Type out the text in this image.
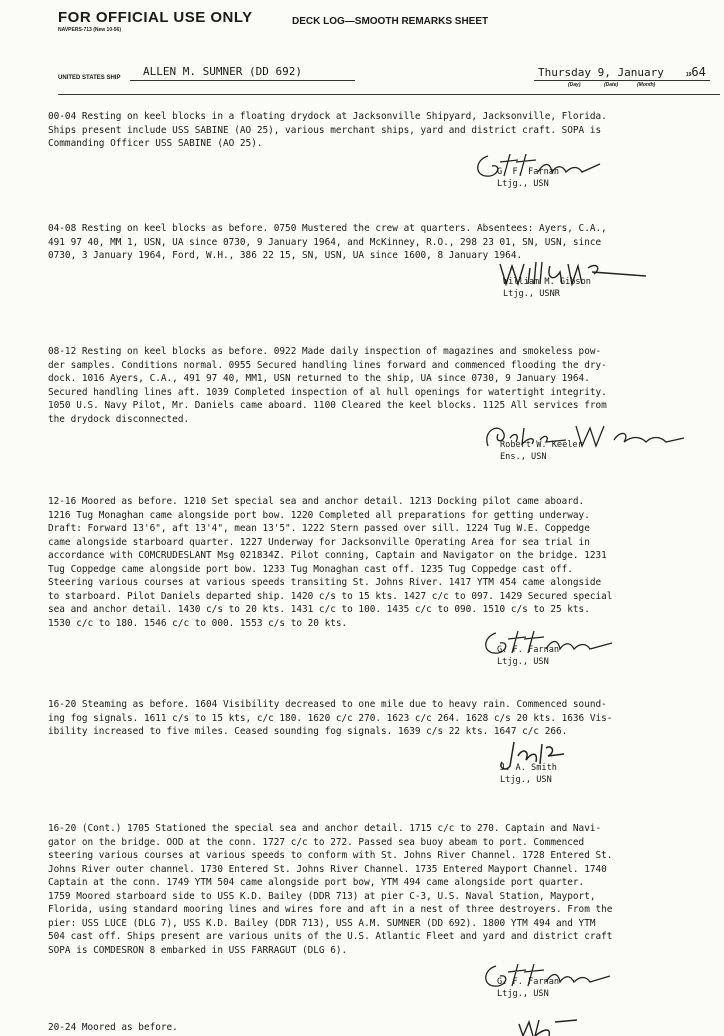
FOR OFFICIAL USE ONLY
NAVPERS-713 (New 10-56)
DECK LOG—SMOOTH REMARKS SHEET
UNITED STATES SHIP ALLEN M. SUMNER (DD 692)	Thursday 9, January	1964
(Day)	(Date)	(Month)

00-04 Resting on keel blocks in a floating drydock at Jacksonville Shipyard, Jacksonville, Florida.

Ships present include USS SABINE (AO 25), various merchant ships, yard and district craft. SOPA is

Commanding Officer USS SABINE (AO 25).

G. F. Farnan

Ltjg., USN

04-08 Resting on keel blocks as before. 0750 Mustered the crew at quarters. Absentees: Ayers, C.A.,

491 97 40, MM 1, USN, UA since 0730, 9 January 1964, and McKinney, R.O., 298 23 01, SN, USN, since

0730, 3 January 1964, Ford, W.H., 386 22 15, SN, USN, UA since 1600, 8 January 1964.

William M. Gibson

Ltjg., USNR

08-12 Resting on keel blocks as before. 0922 Made daily inspection of magazines and smokeless pow-

der samples. Conditions normal. 0955 Secured handling lines forward and commenced flooding the dry-

dock. 1016 Ayers, C.A., 491 97 40, MM1, USN returned to the ship, UA since 0730, 9 January 1964.

Secured handling lines aft. 1039 Completed inspection of al hull openings for watertight integrity.

1050 U.S. Navy Pilot, Mr. Daniels came aboard. 1100 Cleared the keel blocks. 1125 All services from

the drydock disconnected.

Robert W. Keeler

Ens., USN

12-16 Moored as before. 1210 Set special sea and anchor detail. 1213 Docking pilot came aboard.

1216 Tug Monaghan came alongside port bow. 1220 Completed all preparations for getting underway.

Draft: Forward 13'6", aft 13'4", mean 13'5". 1222 Stern passed over sill. 1224 Tug W.E. Coppedge

came alongside starboard quarter. 1227 Underway for Jacksonville Operating Area for sea trial in

accordance with COMCRUDESLANT Msg 021834Z. Pilot conning, Captain and Navigator on the bridge. 1231

Tug Coppedge came alongside port bow. 1233 Tug Monaghan cast off. 1235 Tug Coppedge cast off.

Steering various courses at various speeds transiting St. Johns River. 1417 YTM 454 came alongside

to starboard. Pilot Daniels departed ship. 1420 c/s to 15 kts. 1427 c/c to 097. 1429 Secured special

sea and anchor detail. 1430 c/s to 20 kts. 1431 c/c to 100. 1435 c/c to 090. 1510 c/s to 25 kts.

1530 c/c to 180. 1546 c/c to 000. 1553 c/s to 20 kts.

G. F. Farnan

Ltjg., USN

16-20 Steaming as before. 1604 Visibility decreased to one mile due to heavy rain. Commenced sound-

ing fog signals. 1611 c/s to 15 kts, c/c 180. 1620 c/c 270. 1623 c/c 264. 1628 c/s 20 kts. 1636 Vis-

ibility increased to five miles. Ceased sounding fog signals. 1639 c/s 22 kts. 1647 c/c 266.

J. A. Smith

Ltjg., USN

16-20 (Cont.) 1705 Stationed the special sea and anchor detail. 1715 c/c to 270. Captain and Navi-

gator on the bridge. OOD at the conn. 1727 c/c to 272. Passed sea buoy abeam to port. Commenced

steering various courses at various speeds to conform with St. Johns River Channel. 1728 Entered St.

Johns River outer channel. 1730 Entered St. Johns River Channel. 1735 Entered Mayport Channel. 1740

Captain at the conn. 1749 YTM 504 came alongside port bow, YTM 494 came alongside port quarter.

1759 Moored starboard side to USS K.D. Bailey (DDR 713) at pier C-3, U.S. Naval Station, Mayport,

Florida, using standard mooring lines and wires fore and aft in a nest of three destroyers. From the

pier: USS LUCE (DLG 7), USS K.D. Bailey (DDR 713), USS A.M. SUMNER (DD 692). 1800 YTM 494 and YTM

504 cast off. Ships present are various units of the U.S. Atlantic Fleet and yard and district craft

SOPA is COMDESRON 8 embarked in USS FARRAGUT (DLG 6).

G. F. Farnan

Ltjg., USN

20-24 Moored as before.
